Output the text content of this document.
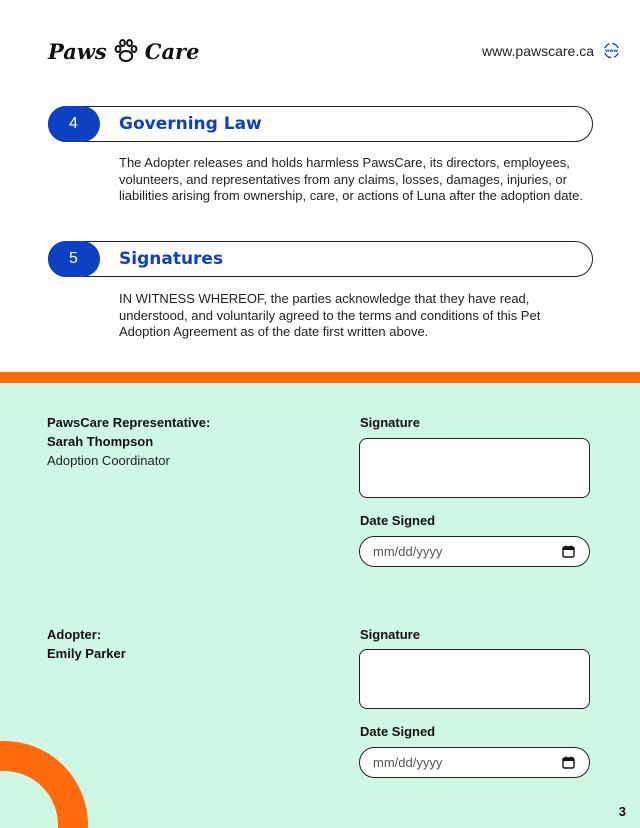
Paws Care	www.pawscare.ca www
4	Governing Law
The Adopter releases and holds harmless PawsCare, its directors, employees, volunteers, and representatives from any claims, losses, damages, injuries, or liabilities arising from ownership, care, or actions of Luna after the adoption date.
5	Signatures
IN WITNESS WHEREOF, the parties acknowledge that they have read, understood, and voluntarily agreed to the terms and conditions of this Pet Adoption Agreement as of the date first written above.
PawsCare Representative:
Sarah Thompson
Adoption Coordinator
Signature
Date Signed
mm/dd/yyyy
Adopter:
Emily Parker
Signature
Date Signed
mm/dd/yyyy
3
